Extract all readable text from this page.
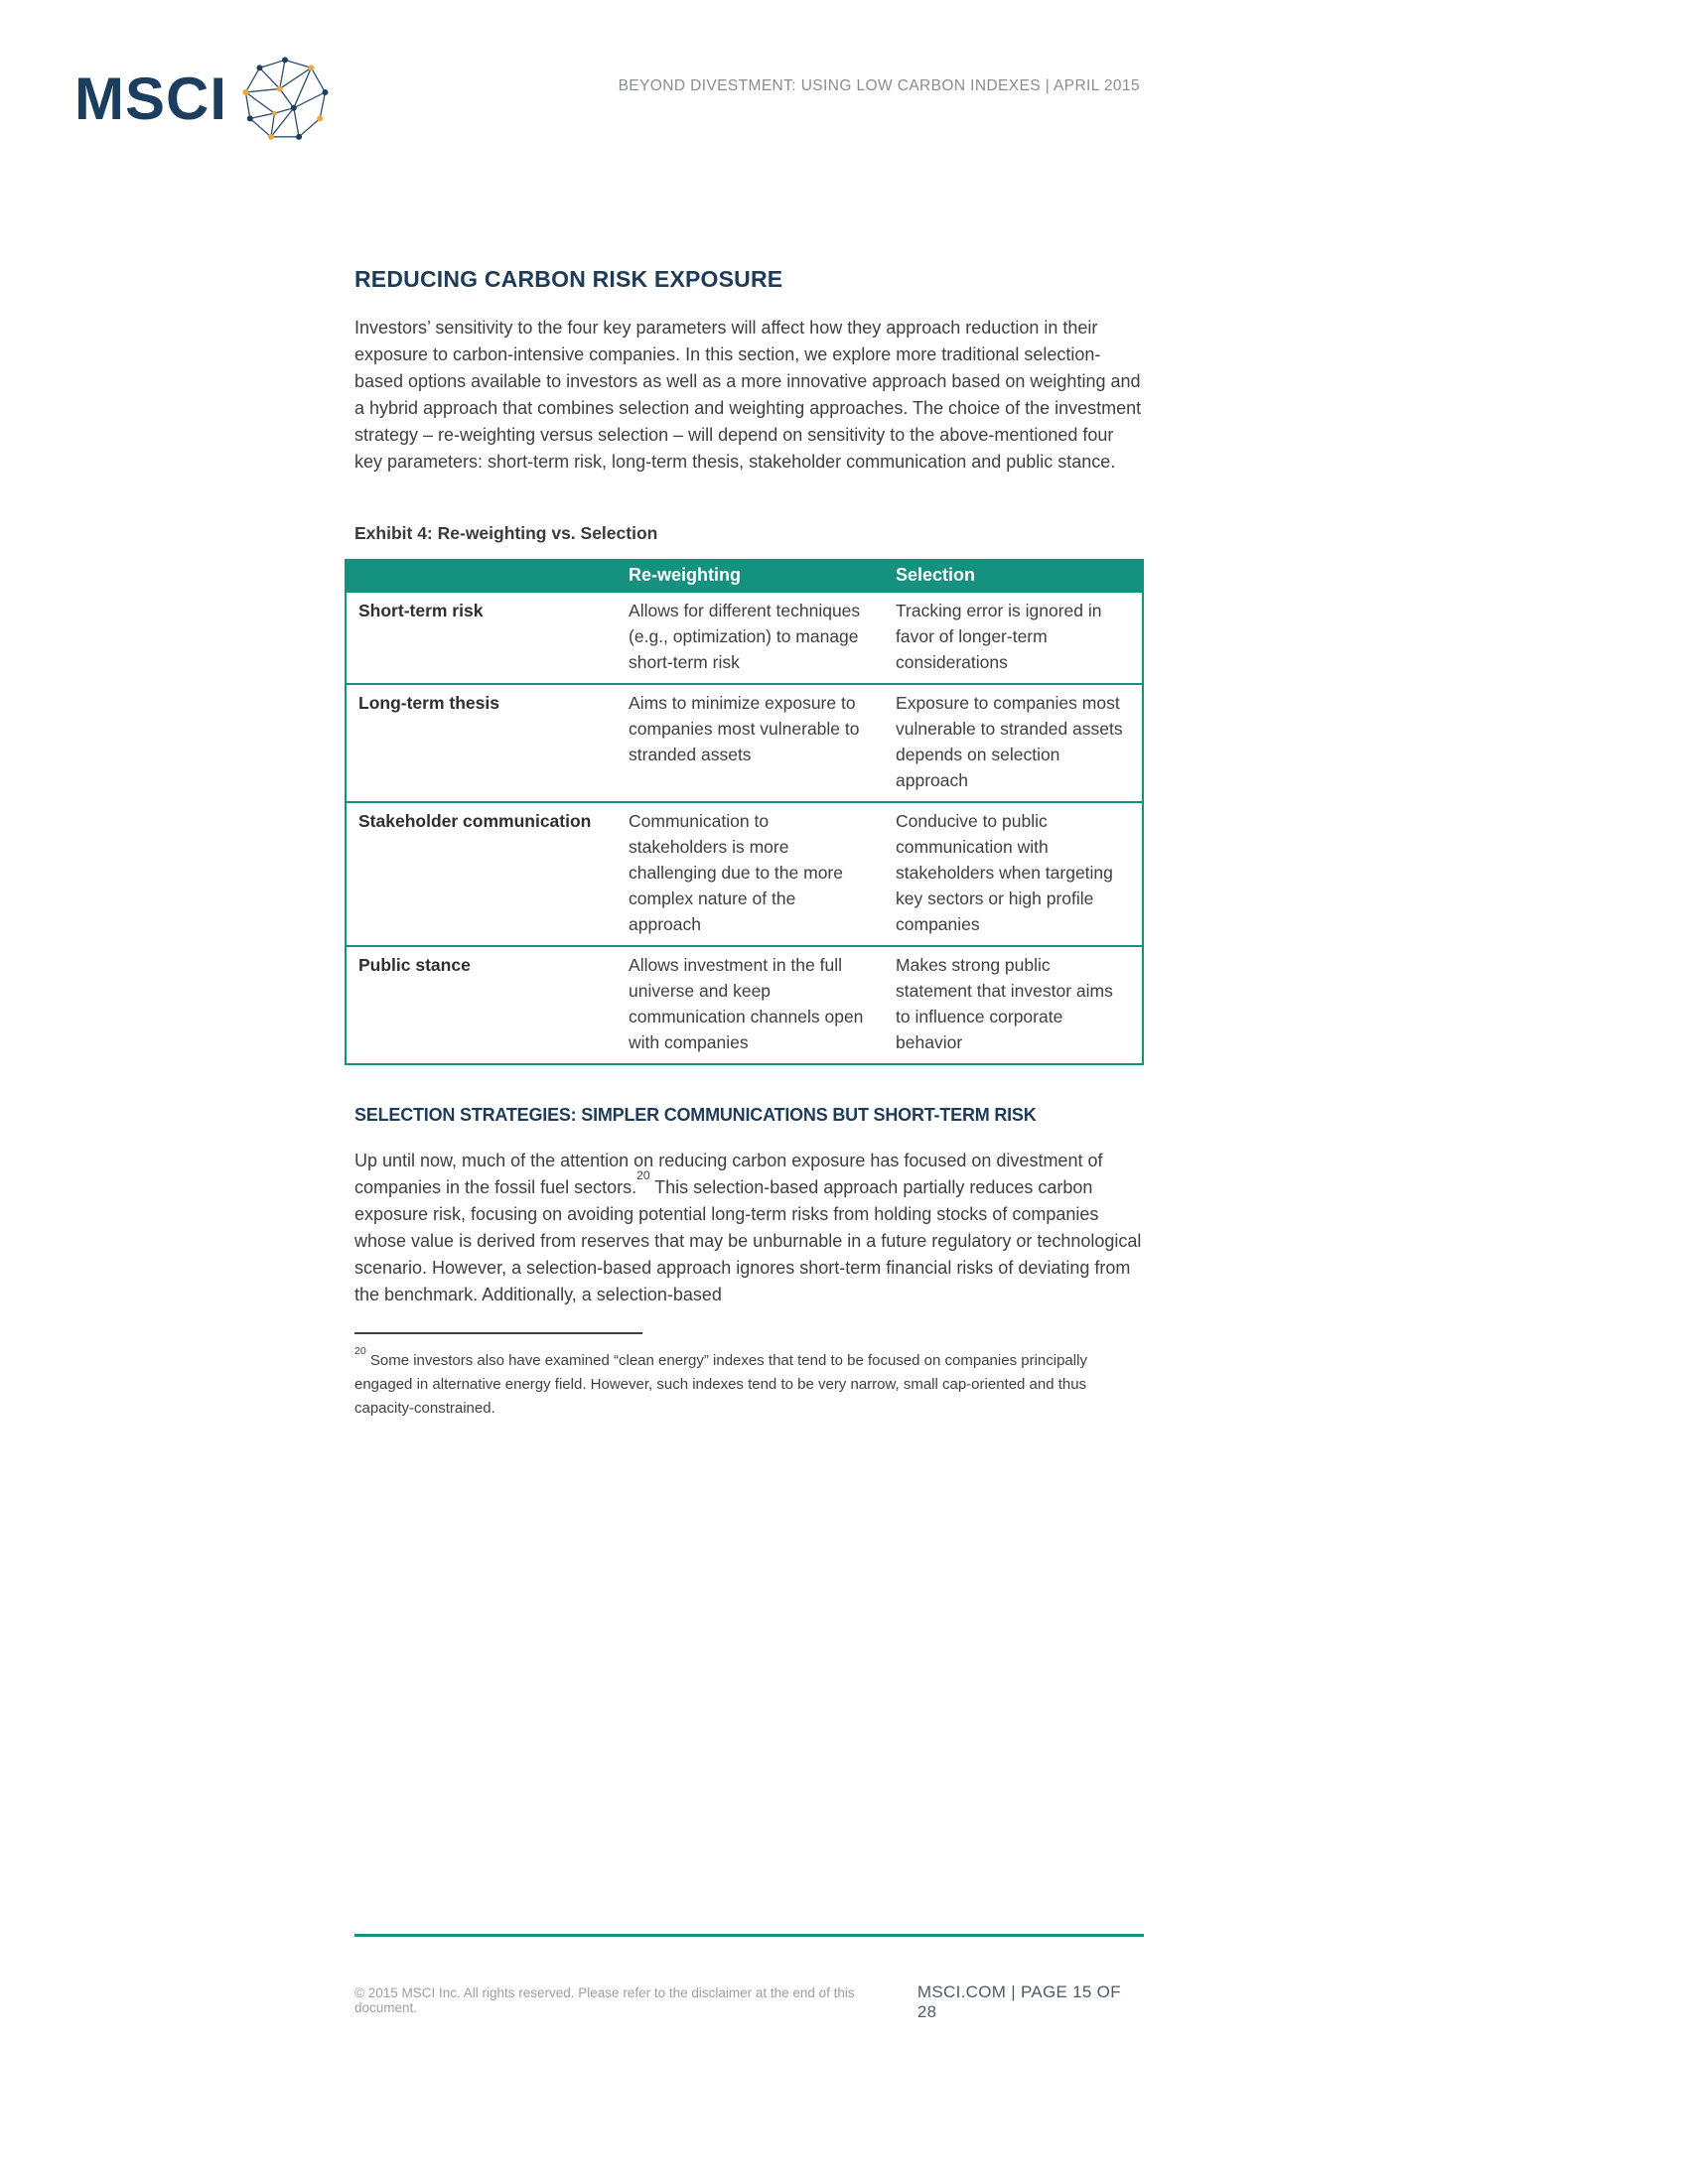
MSCI	BEYOND DIVESTMENT: USING LOW CARBON INDEXES | APRIL 2015
REDUCING CARBON RISK EXPOSURE

Investors’ sensitivity to the four key parameters will affect how they approach reduction in their exposure to carbon-intensive companies. In this section, we explore more traditional selection-based options available to investors as well as a more innovative approach based on weighting and a hybrid approach that combines selection and weighting approaches. The choice of the investment strategy – re-weighting versus selection – will depend on sensitivity to the above-mentioned four key parameters: short-term risk, long-term thesis, stakeholder communication and public stance.

Exhibit 4: Re-weighting vs. Selection
	Re-weighting	Selection
Short-term risk	Allows for different techniques (e.g., optimization) to manage short-term risk	Tracking error is ignored in favor of longer-term considerations
Long-term thesis	Aims to minimize exposure to companies most vulnerable to stranded assets	Exposure to companies most vulnerable to stranded assets depends on selection approach
Stakeholder communication	Communication to stakeholders is more challenging due to the more complex nature of the approach	Conducive to public communication with stakeholders when targeting key sectors or high profile companies
Public stance	Allows investment in the full universe and keep communication channels open with companies	Makes strong public statement that investor aims to influence corporate behavior
SELECTION STRATEGIES: SIMPLER COMMUNICATIONS BUT SHORT-TERM RISK

Up until now, much of the attention on reducing carbon exposure has focused on divestment of companies in the fossil fuel sectors.$^{20}$ This selection-based approach partially reduces carbon exposure risk, focusing on avoiding potential long-term risks from holding stocks of companies whose value is derived from reserves that may be unburnable in a future regulatory or technological scenario. However, a selection-based approach ignores short-term financial risks of deviating from the benchmark. Additionally, a selection-based

$^{20}$ Some investors also have examined “clean energy” indexes that tend to be focused on companies principally engaged in alternative energy field. However, such indexes tend to be very narrow, small cap-oriented and thus capacity-constrained.

© 2015 MSCI Inc. All rights reserved. Please refer to the disclaimer at the end of this document.
MSCI.COM | PAGE 15 OF 28
